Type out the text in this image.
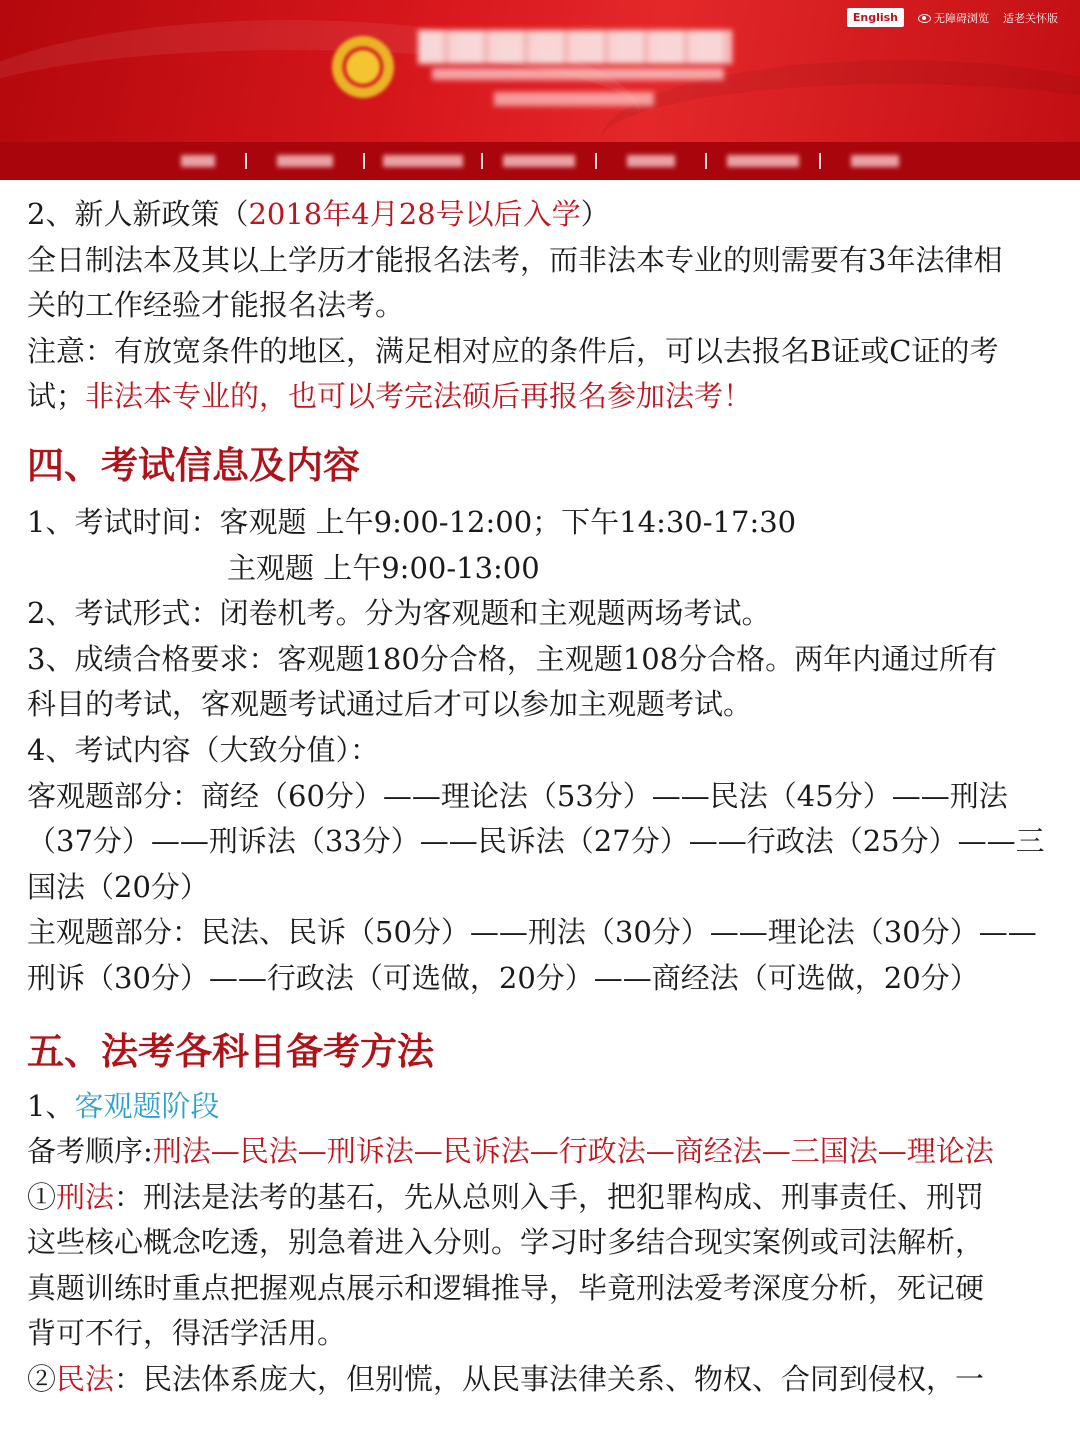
English	无障碍浏览 适老关怀版
2、新人新政策（2018年4月28号以后入学）
全日制法本及其以上学历才能报名法考，而非法本专业的则需要有3年法律相
关的工作经验才能报名法考。
注意：有放宽条件的地区，满足相对应的条件后，可以去报名B证或C证的考
试；非法本专业的，也可以考完法硕后再报名参加法考！
四、考试信息及内容
1、考试时间：客观题 上午9:00-12:00；下午14:30-17:30
主观题 上午9:00-13:00
2、考试形式：闭卷机考。分为客观题和主观题两场考试。
3、成绩合格要求：客观题180分合格，主观题108分合格。两年内通过所有
科目的考试，客观题考试通过后才可以参加主观题考试。
4、考试内容（大致分值）：
客观题部分：商经（60分）——理论法（53分）——民法（45分）——刑法
（37分）——刑诉法（33分）——民诉法（27分）——行政法（25分）——三
国法（20分）
主观题部分：民法、民诉（50分）——刑法（30分）——理论法（30分）——
刑诉（30分）——行政法（可选做，20分）——商经法（可选做，20分）
五、法考各科目备考方法
1、客观题阶段
备考顺序:刑法—民法—刑诉法—民诉法—行政法—商经法—三国法—理论法
①刑法：刑法是法考的基石，先从总则入手，把犯罪构成、刑事责任、刑罚
这些核心概念吃透，别急着进入分则。学习时多结合现实案例或司法解析，
真题训练时重点把握观点展示和逻辑推导，毕竟刑法爱考深度分析，死记硬
背可不行，得活学活用。
②民法：民法体系庞大，但别慌，从民事法律关系、物权、合同到侵权，一
